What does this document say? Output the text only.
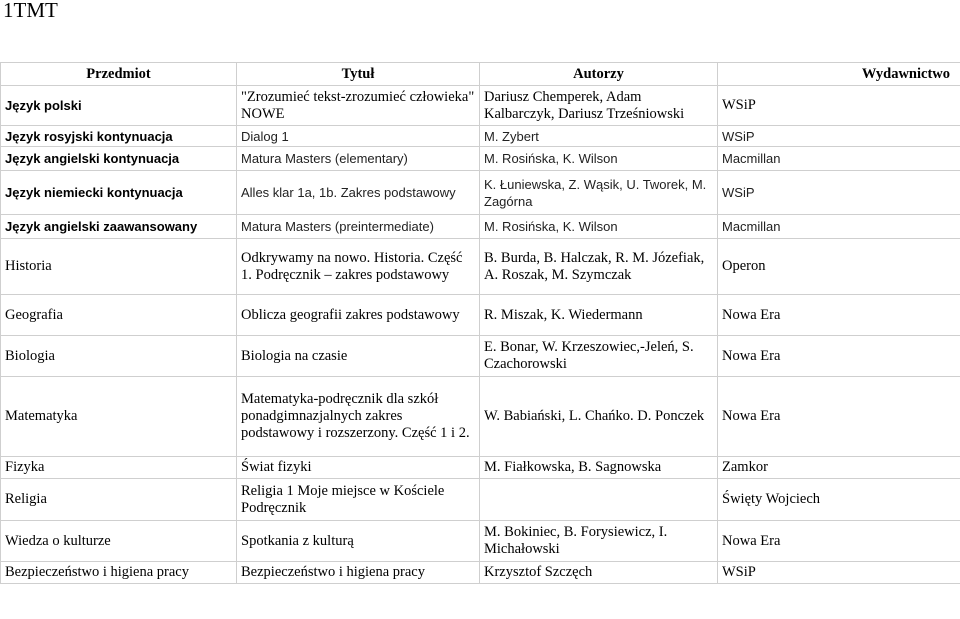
1TMT
Przedmiot	Tytuł	Autorzy	Wydawnictwo
Język polski	"Zrozumieć tekst-zrozumieć człowieka" NOWE	Dariusz Chemperek, Adam Kalbarczyk, Dariusz Trześniowski	WSiP
Język rosyjski kontynuacja	Dialog 1	M. Zybert	WSiP
Język angielski kontynuacja	Matura Masters (elementary)	M. Rosińska, K. Wilson	Macmillan
Język niemiecki kontynuacja	Alles klar 1a, 1b. Zakres podstawowy	K. Łuniewska, Z. Wąsik, U. Tworek, M. Zagórna	WSiP
Język angielski zaawansowany	Matura Masters (preintermediate)	M. Rosińska, K. Wilson	Macmillan
Historia	Odkrywamy na nowo. Historia. Część 1. Podręcznik – zakres podstawowy	B. Burda, B. Halczak, R. M. Józefiak, A. Roszak, M. Szymczak	Operon
Geografia	Oblicza geografii zakres podstawowy	R. Miszak, K. Wiedermann	Nowa Era
Biologia	Biologia na czasie	E. Bonar, W. Krzeszowiec,-Jeleń, S. Czachorowski	Nowa Era
Matematyka	Matematyka-podręcznik dla szkół ponadgimnazjalnych zakres podstawowy i rozszerzony. Część 1 i 2.	W. Babiański, L. Chańko. D. Ponczek	Nowa Era
Fizyka	Świat fizyki	M. Fiałkowska, B. Sagnowska	Zamkor
Religia	Religia 1 Moje miejsce w Kościele Podręcznik		Święty Wojciech
Wiedza o kulturze	Spotkania z kulturą	M. Bokiniec, B. Forysiewicz, I. Michałowski	Nowa Era
Bezpieczeństwo i higiena pracy	Bezpieczeństwo i higiena pracy	Krzysztof Szczęch	WSiP
